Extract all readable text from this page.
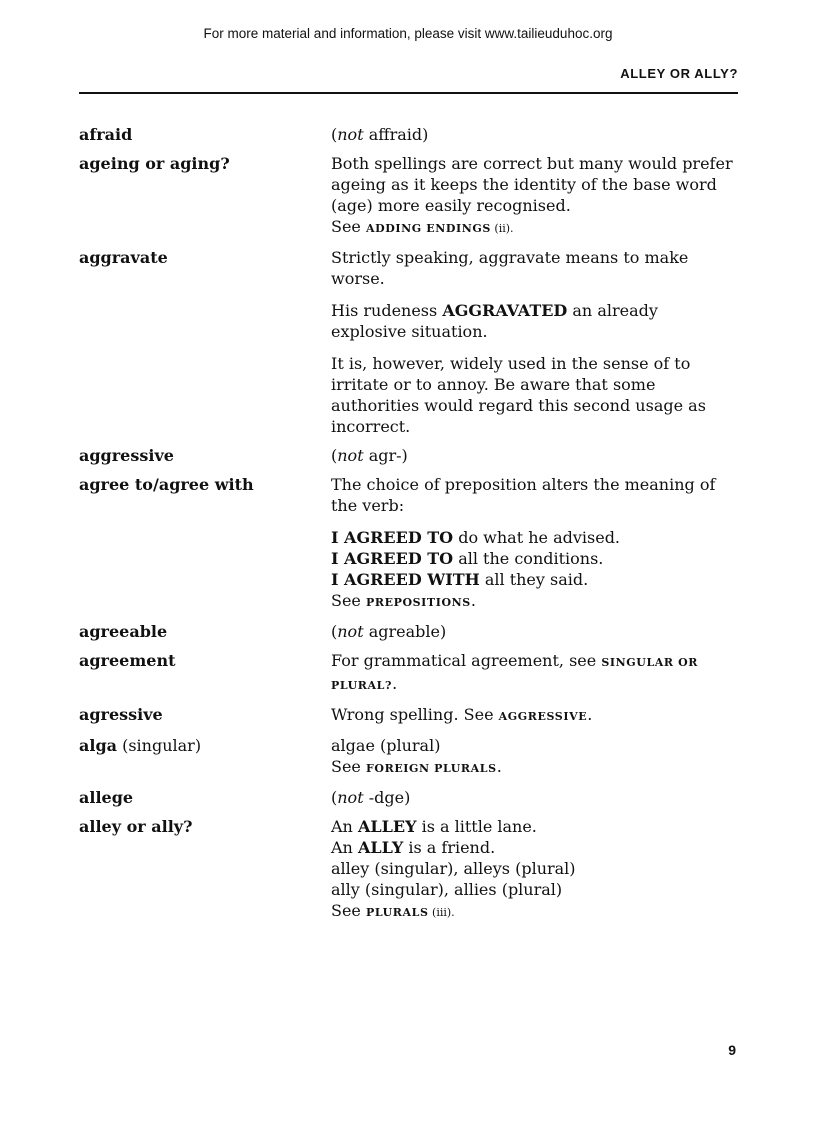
For more material and information, please visit www.tailieuduhoc.org
ALLEY OR ALLY?
afraid	(not affraid)
ageing or aging?	Both spellings are correct but many would prefer ageing as it keeps the identity of the base word (age) more easily recognised.
See ADDING ENDINGS (ii).
aggravate	Strictly speaking, aggravate means to make worse.

His rudeness AGGRAVATED an already explosive situation.

It is, however, widely used in the sense of to irritate or to annoy. Be aware that some authorities would regard this second usage as incorrect.

aggressive	(not agr-)
agree to/agree with	The choice of preposition alters the meaning of the verb:

I AGREED TO do what he advised.
I AGREED TO all the conditions.
I AGREED WITH all they said.
See PREPOSITIONS.

agreeable	(not agreable)
agreement	For grammatical agreement, see SINGULAR OR PLURAL?.
agressive	Wrong spelling. See AGGRESSIVE.
alga (singular)	algae (plural)
See FOREIGN PLURALS.
allege	(not -dge)
alley or ally?	An ALLEY is a little lane.
An ALLY is a friend.
alley (singular), alleys (plural)
ally (singular), allies (plural)
See PLURALS (iii).
9
